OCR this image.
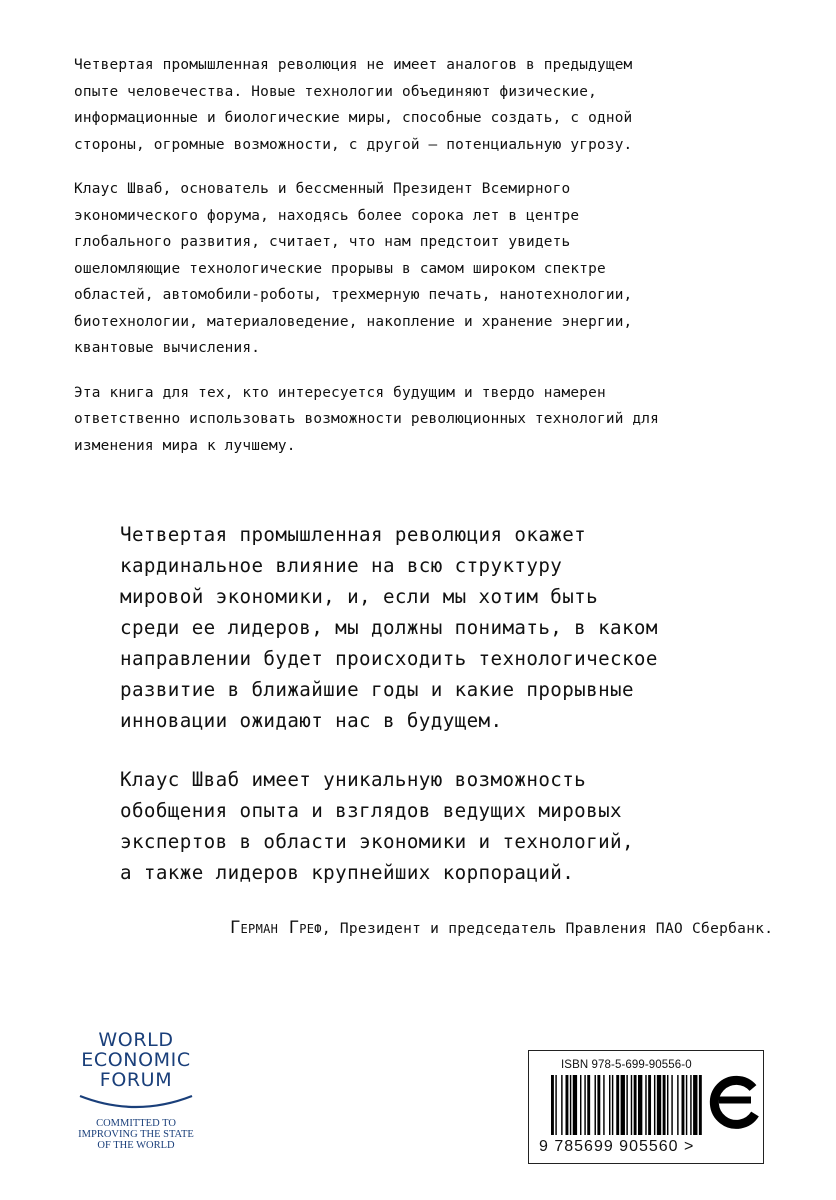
Четвертая промышленная революция не имеет аналогов в предыдущем
опыте человечества. Новые технологии объединяют физические,
информационные и биологические миры, способные создать, с одной
стороны, огромные возможности, с другой – потенциальную угрозу.

Клаус Шваб, основатель и бессменный Президент Всемирного
экономического форума, находясь более сорока лет в центре
глобального развития, считает, что нам предстоит увидеть
ошеломляющие технологические прорывы в самом широком спектре
областей, автомобили-роботы, трехмерную печать, нанотехнологии,
биотехнологии, материаловедение, накопление и хранение энергии,
квантовые вычисления.

Эта книга для тех, кто интересуется будущим и твердо намерен
ответственно использовать возможности революционных технологий для
изменения мира к лучшему.

Четвертая промышленная революция окажет
кардинальное влияние на всю структуру
мировой экономики, и, если мы хотим быть
среди ее лидеров, мы должны понимать, в каком
направлении будет происходить технологическое
развитие в ближайшие годы и какие прорывные
инновации ожидают нас в будущем.

Клаус Шваб имеет уникальную возможность
обобщения опыта и взглядов ведущих мировых
экспертов в области экономики и технологий,
а также лидеров крупнейших корпораций.

Герман Греф, Президент и председатель Правления ПАО Сбербанк.
WORLD
ECONOMIC
FORUM
COMMITTED TO
IMPROVING THE STATE
OF THE WORLD
ISBN 978-5-699-90556-0
9 785699 905560 >
